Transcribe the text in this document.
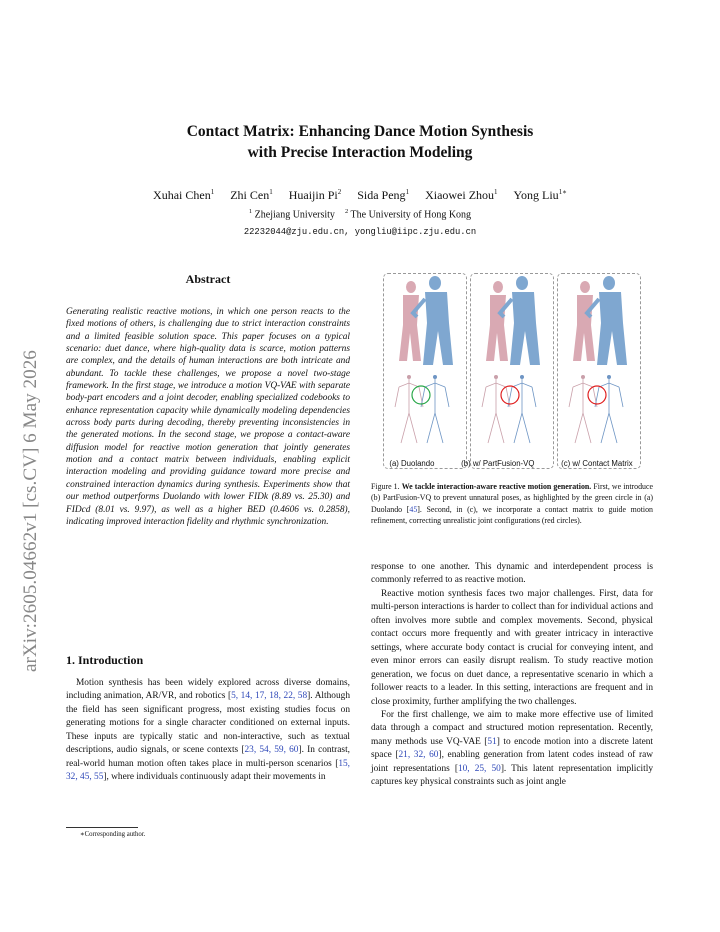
Contact Matrix: Enhancing Dance Motion Synthesis
with Precise Interaction Modeling
Xuhai Chen$^1$ Zhi Cen$^1$ Huaijin Pi$^2$ Sida Peng$^1$ Xiaowei Zhou$^1$ Yong Liu$^{1∗}$
$^1$ Zhejiang University $^2$ The University of Hong Kong
22232044@zju.edu.cn, yongliu@iipc.zju.edu.cn
arXiv:2605.04662v1 [cs.CV] 6 May 2026
Abstract
Generating realistic reactive motions, in which one person reacts to the fixed motions of others, is challenging due to strict interaction constraints and a limited feasible solution space. This paper focuses on a typical scenario: duet dance, where high-quality data is scarce, motion patterns are complex, and the details of human interactions are both intricate and abundant. To tackle these challenges, we propose a novel two-stage framework. In the first stage, we introduce a motion VQ-VAE with separate body-part encoders and a joint decoder, enabling specialized codebooks to enhance representation capacity while dynamically modeling dependencies across body parts during decoding, thereby preventing inconsistencies in the generated motions. In the second stage, we propose a contact-aware diffusion model for reactive motion generation that jointly generates motion and a contact matrix between individuals, enabling explicit interaction modeling and providing guidance toward more precise and constrained interaction dynamics during synthesis. Experiments show that our method outperforms Duolando with lower FIDk (8.89 vs. 25.30) and FIDcd (8.01 vs. 9.97), as well as a higher BED (0.4606 vs. 0.2858), indicating improved interaction fidelity and rhythmic synchronization.
1. Introduction

Motion synthesis has been widely explored across diverse domains, including animation, AR/VR, and robotics [5, 14, 17, 18, 22, 58]. Although the field has seen significant progress, most existing studies focus on generating motions for a single character conditioned on external inputs. These inputs are typically static and non-interactive, such as textual descriptions, audio signals, or scene contexts [23, 54, 59, 60]. In contrast, real-world human motion often takes place in multi-person scenarios [15, 32, 45, 55], where individuals continuously adapt their movements in

∗Corresponding author.
(a) Duolando	(b) w/ PartFusion-VQ	(c) w/ Contact Matrix
Figure 1. We tackle interaction-aware reactive motion generation. First, we introduce (b) PartFusion-VQ to prevent unnatural poses, as highlighted by the green circle in (a) Duolando [45]. Second, in (c), we incorporate a contact matrix to guide motion refinement, correcting unrealistic joint configurations (red circles).

response to one another. This dynamic and interdependent process is commonly referred to as reactive motion.

Reactive motion synthesis faces two major challenges. First, data for multi-person interactions is harder to collect than for individual actions and often involves more subtle and complex movements. Second, physical contact occurs more frequently and with greater intricacy in interactive settings, where accurate body contact is crucial for conveying intent, and even minor errors can easily disrupt realism. To study reactive motion generation, we focus on duet dance, a representative scenario in which a follower reacts to a leader. In this setting, interactions are frequent and in close proximity, further amplifying the two challenges.

For the first challenge, we aim to make more effective use of limited data through a compact and structured motion representation. Recently, many methods use VQ-VAE [51] to encode motion into a discrete latent space [21, 32, 60], enabling generation from latent codes instead of raw joint representations [10, 25, 50]. This latent representation implicitly captures key physical constraints such as joint angle
